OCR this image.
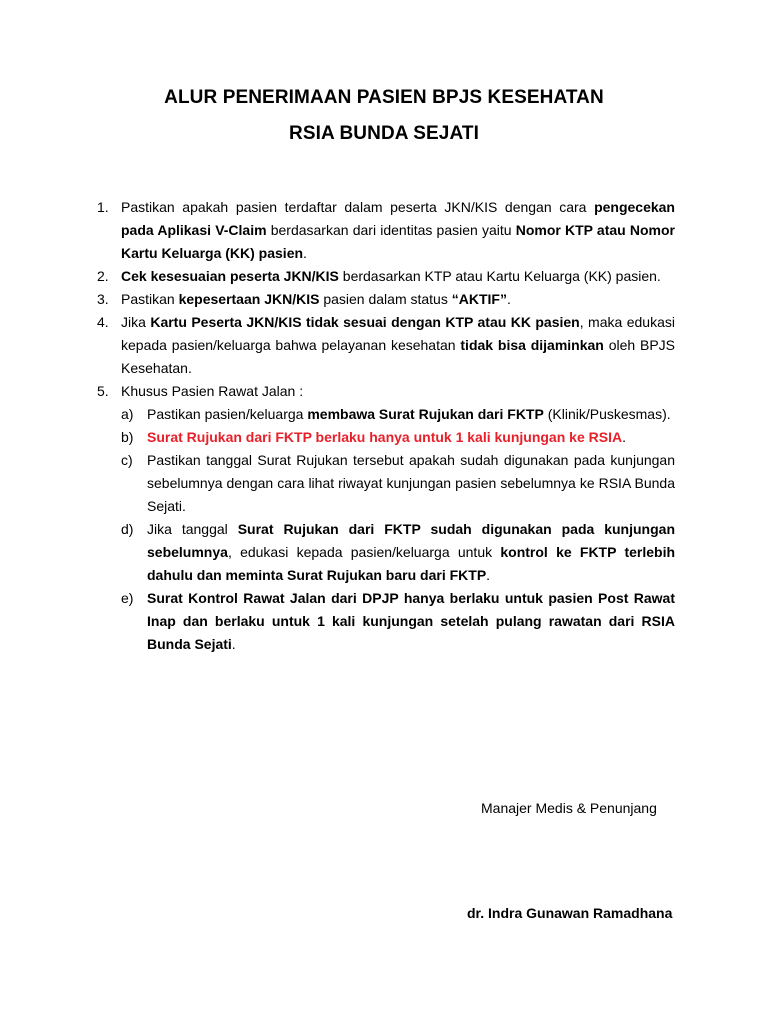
ALUR PENERIMAAN PASIEN BPJS KESEHATAN
RSIA BUNDA SEJATI
1. Pastikan apakah pasien terdaftar dalam peserta JKN/KIS dengan cara pengecekan pada Aplikasi V-Claim berdasarkan dari identitas pasien yaitu Nomor KTP atau Nomor Kartu Keluarga (KK) pasien.
2. Cek kesesuaian peserta JKN/KIS berdasarkan KTP atau Kartu Keluarga (KK) pasien.
3. Pastikan kepesertaan JKN/KIS pasien dalam status “AKTIF”.
4. Jika Kartu Peserta JKN/KIS tidak sesuai dengan KTP atau KK pasien, maka edukasi kepada pasien/keluarga bahwa pelayanan kesehatan tidak bisa dijaminkan oleh BPJS Kesehatan.
5. Khusus Pasien Rawat Jalan :
a) Pastikan pasien/keluarga membawa Surat Rujukan dari FKTP (Klinik/Puskesmas).
b) Surat Rujukan dari FKTP berlaku hanya untuk 1 kali kunjungan ke RSIA.
c) Pastikan tanggal Surat Rujukan tersebut apakah sudah digunakan pada kunjungan sebelumnya dengan cara lihat riwayat kunjungan pasien sebelumnya ke RSIA Bunda Sejati.
d) Jika tanggal Surat Rujukan dari FKTP sudah digunakan pada kunjungan sebelumnya, edukasi kepada pasien/keluarga untuk kontrol ke FKTP terlebih dahulu dan meminta Surat Rujukan baru dari FKTP.
e) Surat Kontrol Rawat Jalan dari DPJP hanya berlaku untuk pasien Post Rawat Inap dan berlaku untuk 1 kali kunjungan setelah pulang rawatan dari RSIA Bunda Sejati.
Manajer Medis & Penunjang
dr. Indra Gunawan Ramadhana
